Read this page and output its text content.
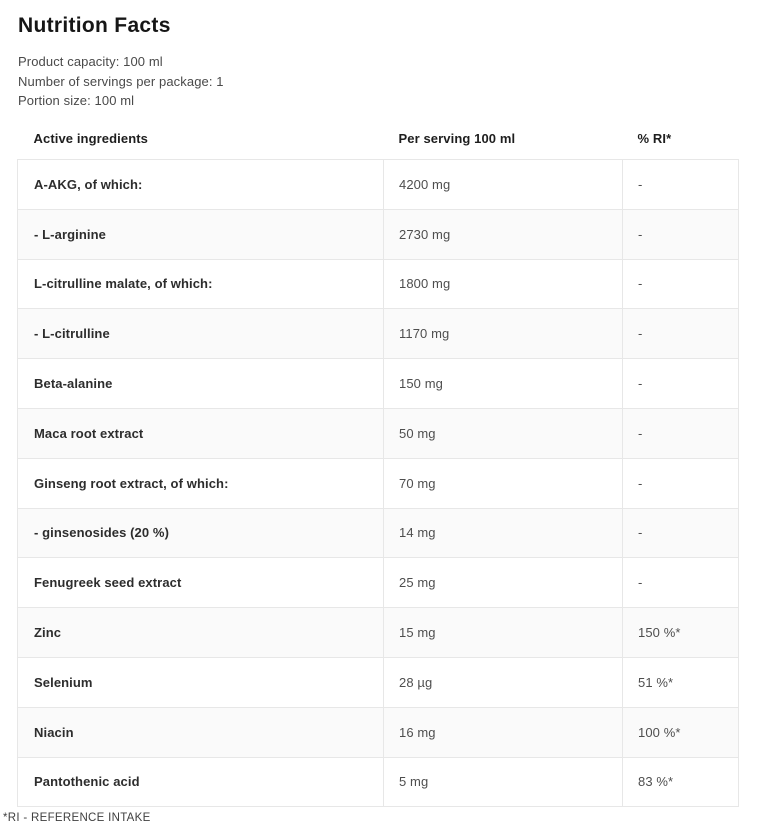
Nutrition Facts
Product capacity: 100 ml
Number of servings per package: 1
Portion size: 100 ml
Active ingredients	Per serving 100 ml	% RI*
A-AKG, of which:	4200 mg	-
- L-arginine	2730 mg	-
L-citrulline malate, of which:	1800 mg	-
- L-citrulline	1170 mg	-
Beta-alanine	150 mg	-
Maca root extract	50 mg	-
Ginseng root extract, of which:	70 mg	-
- ginsenosides (20 %)	14 mg	-
Fenugreek seed extract	25 mg	-
Zinc	15 mg	150 %*
Selenium	28 µg	51 %*
Niacin	16 mg	100 %*
Pantothenic acid	5 mg	83 %*
*RI - REFERENCE INTAKE
